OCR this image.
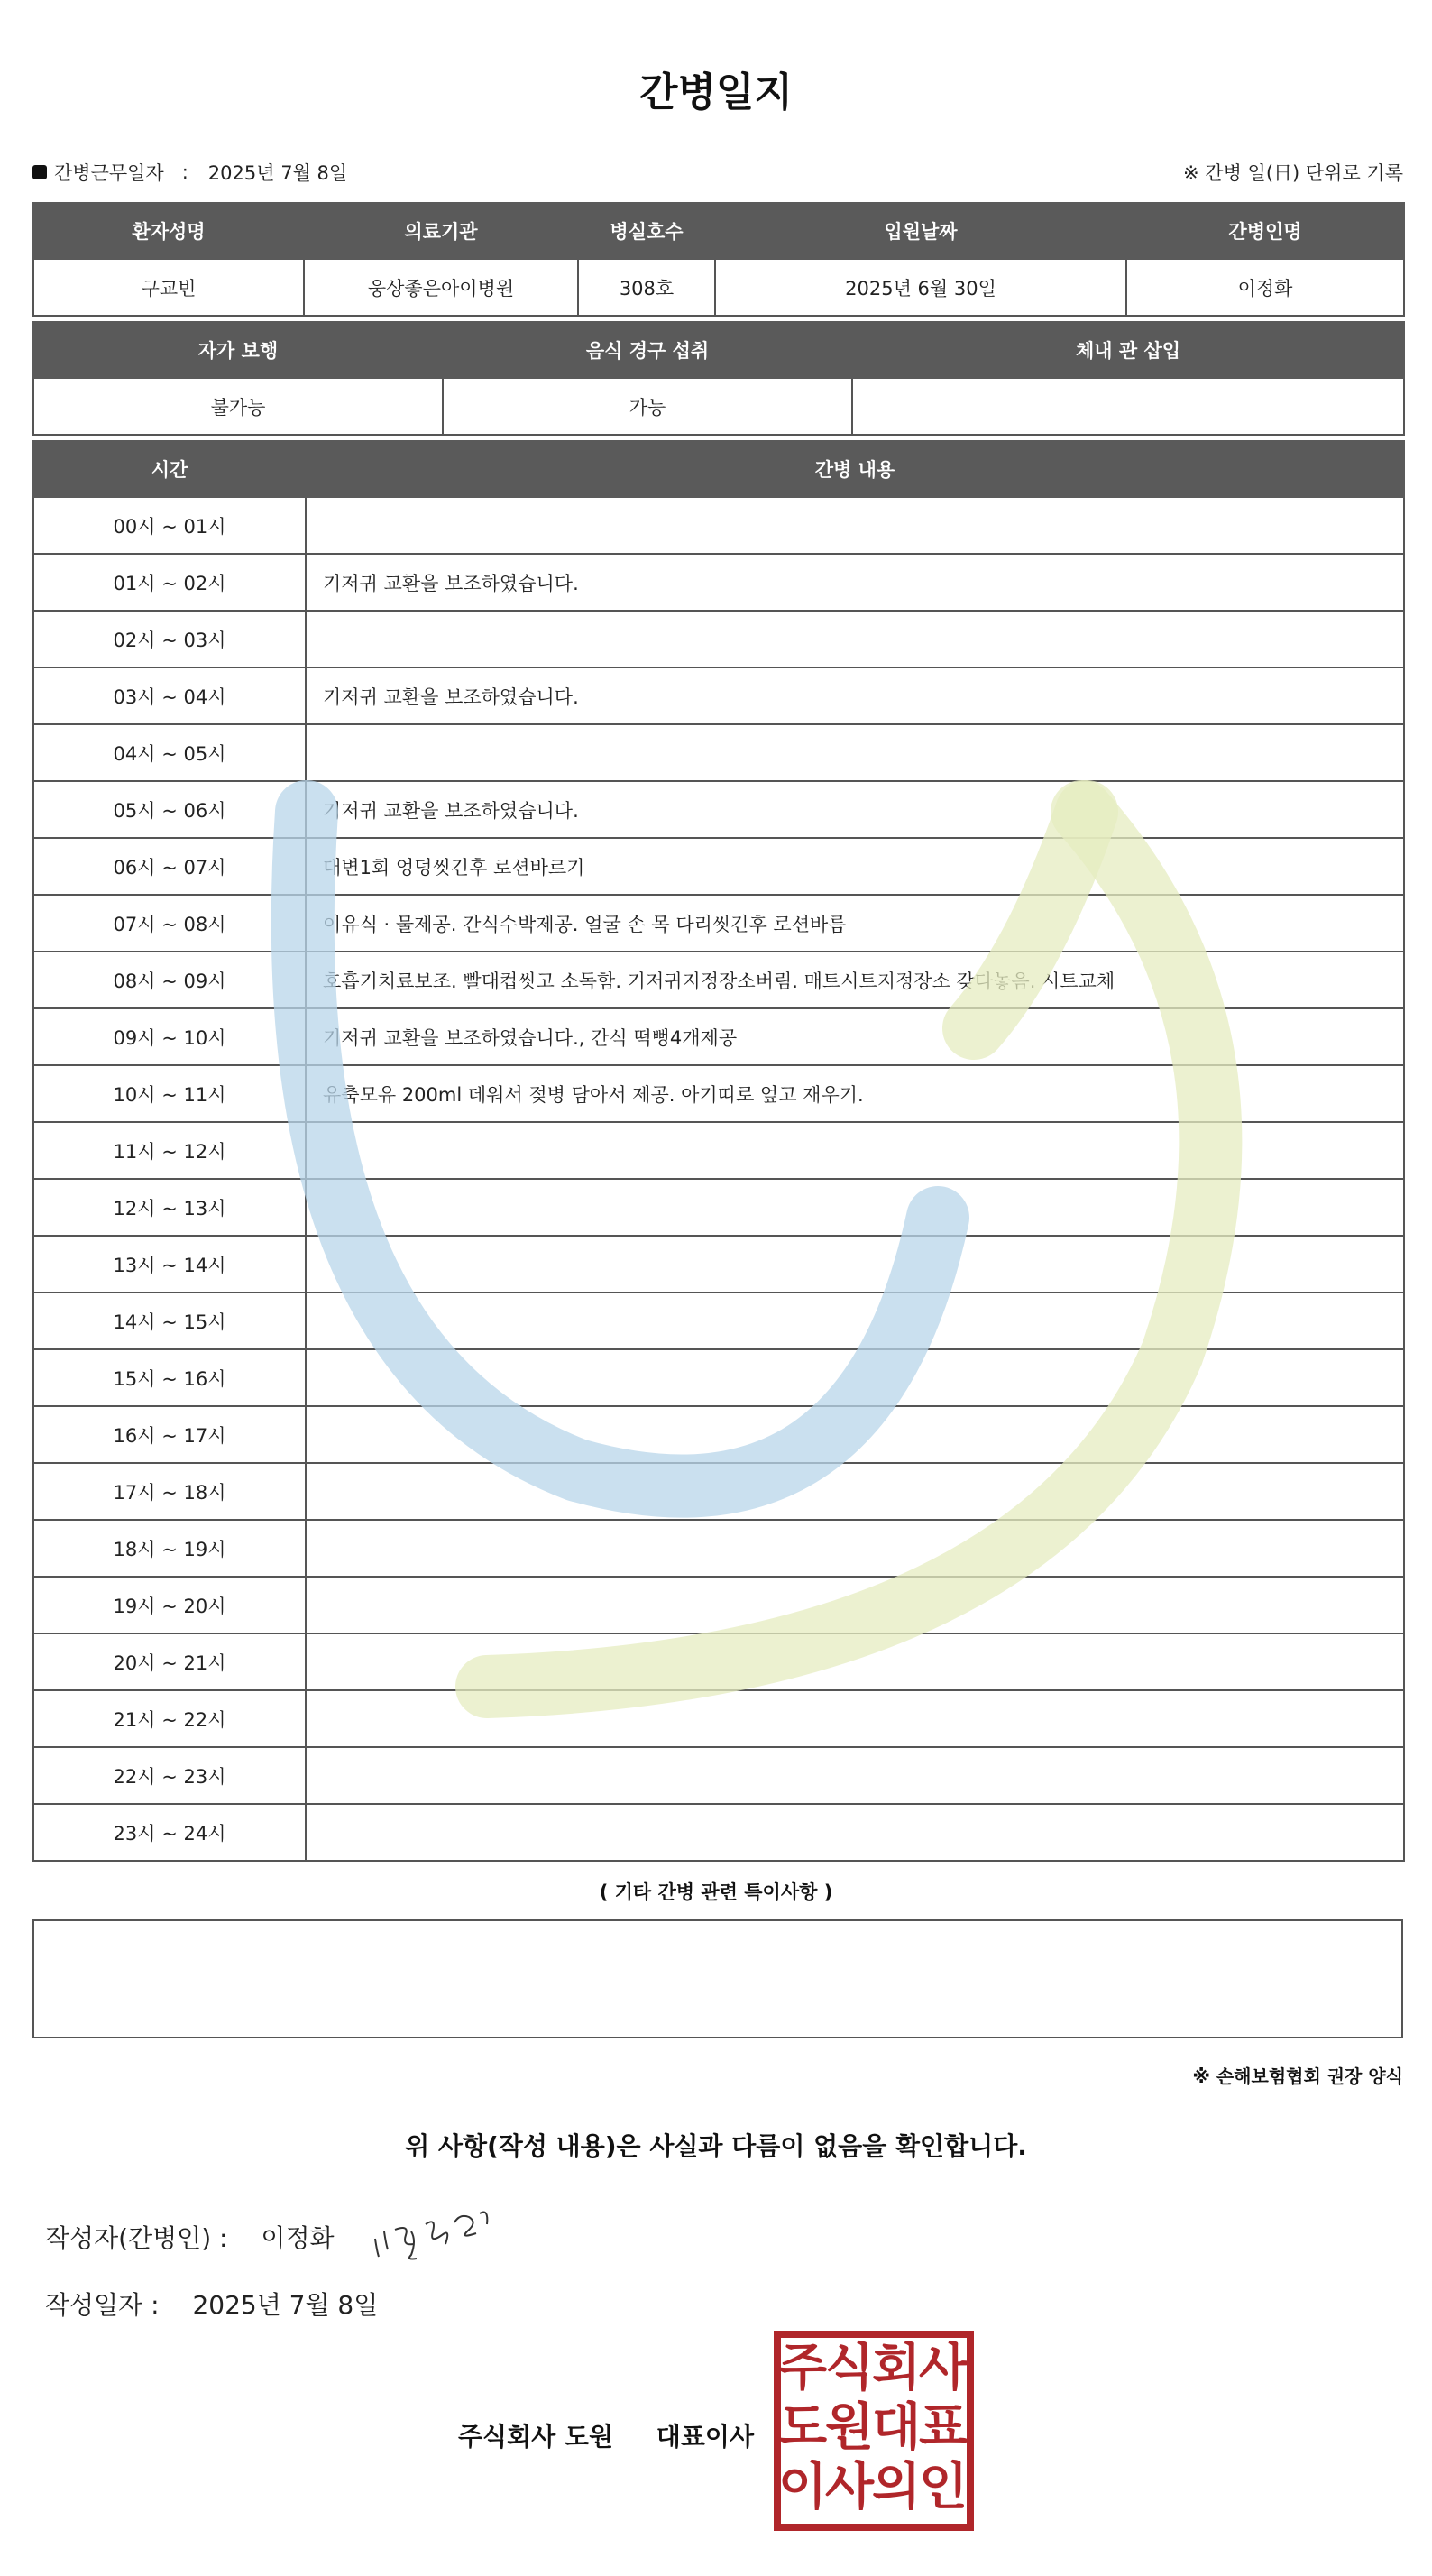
간병일지
간병근무일자 : 2025년 7월 8일	※ 간병 일(日) 단위로 기록
환자성명	의료기관	병실호수	입원날짜	간병인명
구교빈	웅상좋은아이병원	308호	2025년 6월 30일	이정화
자가 보행	음식 경구 섭취	체내 관 삽입
불가능	가능	
시간	간병 내용
00시 ~ 01시	
01시 ~ 02시	기저귀 교환을 보조하였습니다.
02시 ~ 03시	
03시 ~ 04시	기저귀 교환을 보조하였습니다.
04시 ~ 05시	
05시 ~ 06시	기저귀 교환을 보조하였습니다.
06시 ~ 07시	대변1회 엉덩씻긴후 로션바르기
07시 ~ 08시	이유식 · 물제공. 간식수박제공. 얼굴 손 목 다리씻긴후 로션바름
08시 ~ 09시	호흡기치료보조. 빨대컵씻고 소독함. 기저귀지정장소버림. 매트시트지정장소 갖다놓음. 시트교체
09시 ~ 10시	기저귀 교환을 보조하였습니다., 간식 떡뻥4개제공
10시 ~ 11시	유축모유 200ml 데워서 젖병 담아서 제공. 아기띠로 엎고 재우기.
11시 ~ 12시	
12시 ~ 13시	
13시 ~ 14시	
14시 ~ 15시	
15시 ~ 16시	
16시 ~ 17시	
17시 ~ 18시	
18시 ~ 19시	
19시 ~ 20시	
20시 ~ 21시	
21시 ~ 22시	
22시 ~ 23시	
23시 ~ 24시	
( 기타 간병 관련 특이사항 )
※ 손해보험협회 권장 양식
위 사항(작성 내용)은 사실과 다름이 없음을 확인합니다.
작성자(간병인) : 이정화
작성일자 : 2025년 7월 8일
주식회사 도원 대표이사
주
식
회
사
도
원
대
표
이
사
의
인
